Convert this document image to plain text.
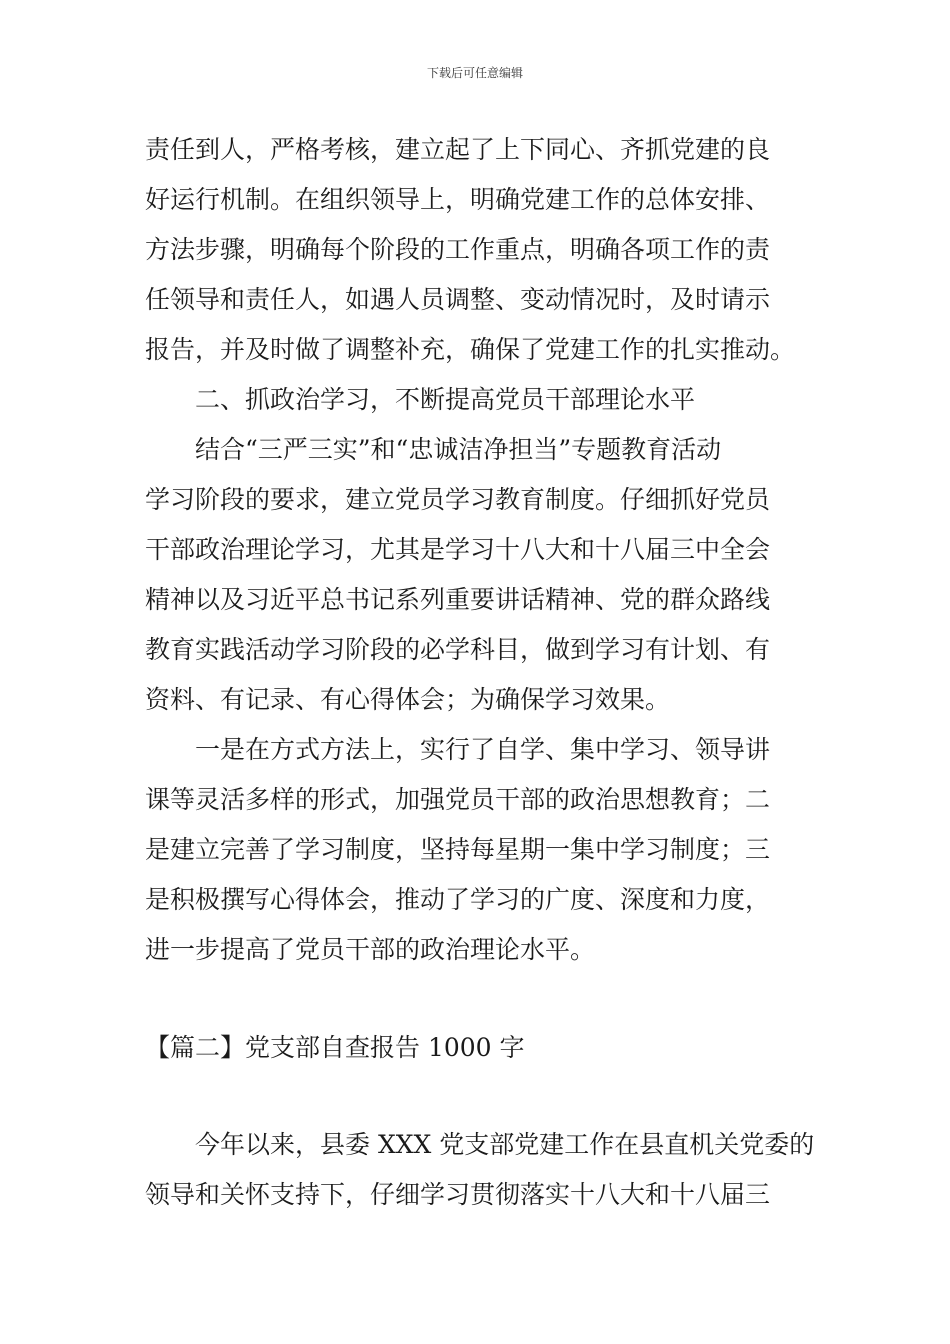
下载后可任意编辑
责任到人，严格考核，建立起了上下同心、齐抓党建的良
好运行机制。在组织领导上，明确党建工作的总体安排、
方法步骤，明确每个阶段的工作重点，明确各项工作的责
任领导和责任人，如遇人员调整、变动情况时，及时请示
报告，并及时做了调整补充，确保了党建工作的扎实推动。
二、抓政治学习，不断提高党员干部理论水平
结合“三严三实”和“忠诚洁净担当”专题教育活动
学习阶段的要求，建立党员学习教育制度。仔细抓好党员
干部政治理论学习，尤其是学习十八大和十八届三中全会
精神以及习近平总书记系列重要讲话精神、党的群众路线
教育实践活动学习阶段的必学科目，做到学习有计划、有
资料、有记录、有心得体会；为确保学习效果。
一是在方式方法上，实行了自学、集中学习、领导讲
课等灵活多样的形式，加强党员干部的政治思想教育；二
是建立完善了学习制度，坚持每星期一集中学习制度；三
是积极撰写心得体会，推动了学习的广度、深度和力度，
进一步提高了党员干部的政治理论水平。
【篇二】党支部自查报告 1000 字
今年以来，县委 XXX 党支部党建工作在县直机关党委的
领导和关怀支持下，仔细学习贯彻落实十八大和十八届三
